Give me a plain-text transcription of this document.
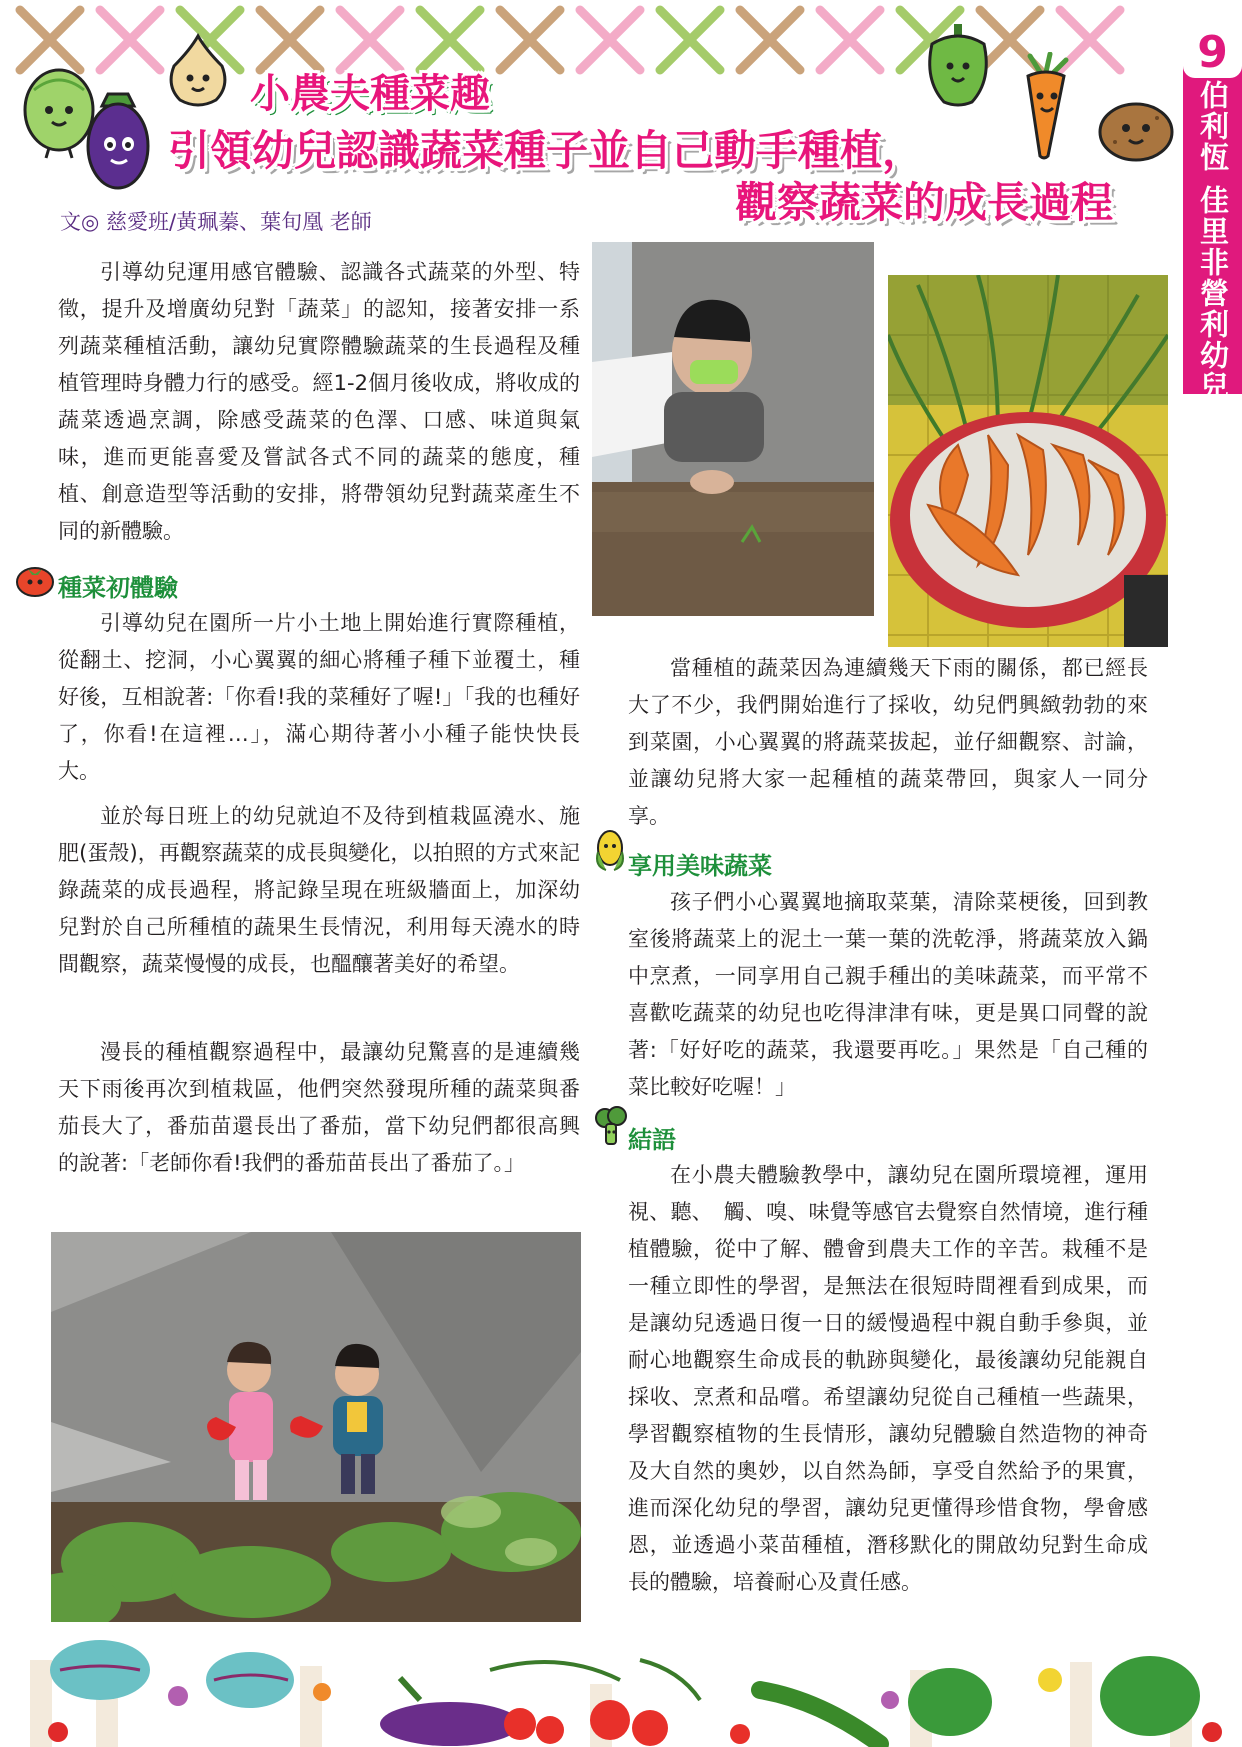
9
伯利恆 佳里非營利幼兒園
小農夫種菜趣
引領幼兒認識蔬菜種子並自己動手種植，
觀察蔬菜的成長過程
文◎ 慈愛班/黃珮蓁、葉旬凰 老師

引導幼兒運用感官體驗、認識各式蔬菜的外型、特徵，提升及增廣幼兒對「蔬菜」的認知，接著安排一系列蔬菜種植活動，讓幼兒實際體驗蔬菜的生長過程及種植管理時身體力行的感受。經1-2個月後收成，將收成的蔬菜透過烹調，除感受蔬菜的色澤、口感、味道與氣味，進而更能喜愛及嘗試各式不同的蔬菜的態度，種植、創意造型等活動的安排，將帶領幼兒對蔬菜產生不同的新體驗。

種菜初體驗

引導幼兒在園所一片小土地上開始進行實際種植，從翻土、挖洞，小心翼翼的細心將種子種下並覆土，種好後，互相說著:「你看!我的菜種好了喔!」「我的也種好了，你看!在這裡…」，滿心期待著小小種子能快快長大。

並於每日班上的幼兒就迫不及待到植栽區澆水、施肥(蛋殼)，再觀察蔬菜的成長與變化，以拍照的方式來記錄蔬菜的成長過程，將記錄呈現在班級牆面上，加深幼兒對於自己所種植的蔬果生長情況，利用每天澆水的時間觀察，蔬菜慢慢的成長，也醞釀著美好的希望。

漫長的種植觀察過程中，最讓幼兒驚喜的是連續幾天下雨後再次到植栽區，他們突然發現所種的蔬菜與番茄長大了，番茄苗還長出了番茄，當下幼兒們都很高興的說著:「老師你看!我們的番茄苗長出了番茄了。」

當種植的蔬菜因為連續幾天下雨的關係，都已經長大了不少，我們開始進行了採收，幼兒們興緻勃勃的來到菜園，小心翼翼的將蔬菜拔起，並仔細觀察、討論，並讓幼兒將大家一起種植的蔬菜帶回，與家人一同分享。

享用美味蔬菜

孩子們小心翼翼地摘取菜葉，清除菜梗後，回到教室後將蔬菜上的泥土一葉一葉的洗乾淨，將蔬菜放入鍋中烹煮，一同享用自己親手種出的美味蔬菜，而平常不喜歡吃蔬菜的幼兒也吃得津津有味，更是異口同聲的說著:「好好吃的蔬菜，我還要再吃。」果然是「自己種的菜比較好吃喔！」

結語

在小農夫體驗教學中，讓幼兒在園所環境裡，運用視、聽、　觸、嗅、味覺等感官去覺察自然情境，進行種植體驗，從中了解、體會到農夫工作的辛苦。栽種不是一種立即性的學習，是無法在很短時間裡看到成果，而是讓幼兒透過日復一日的緩慢過程中親自動手參與，並耐心地觀察生命成長的軌跡與變化，最後讓幼兒能親自採收、烹煮和品嚐。希望讓幼兒從自己種植一些蔬果，學習觀察植物的生長情形，讓幼兒體驗自然造物的神奇及大自然的奧妙，以自然為師，享受自然給予的果實，進而深化幼兒的學習，讓幼兒更懂得珍惜食物，學會感恩，並透過小菜苗種植，潛移默化的開啟幼兒對生命成長的體驗，培養耐心及責任感。
